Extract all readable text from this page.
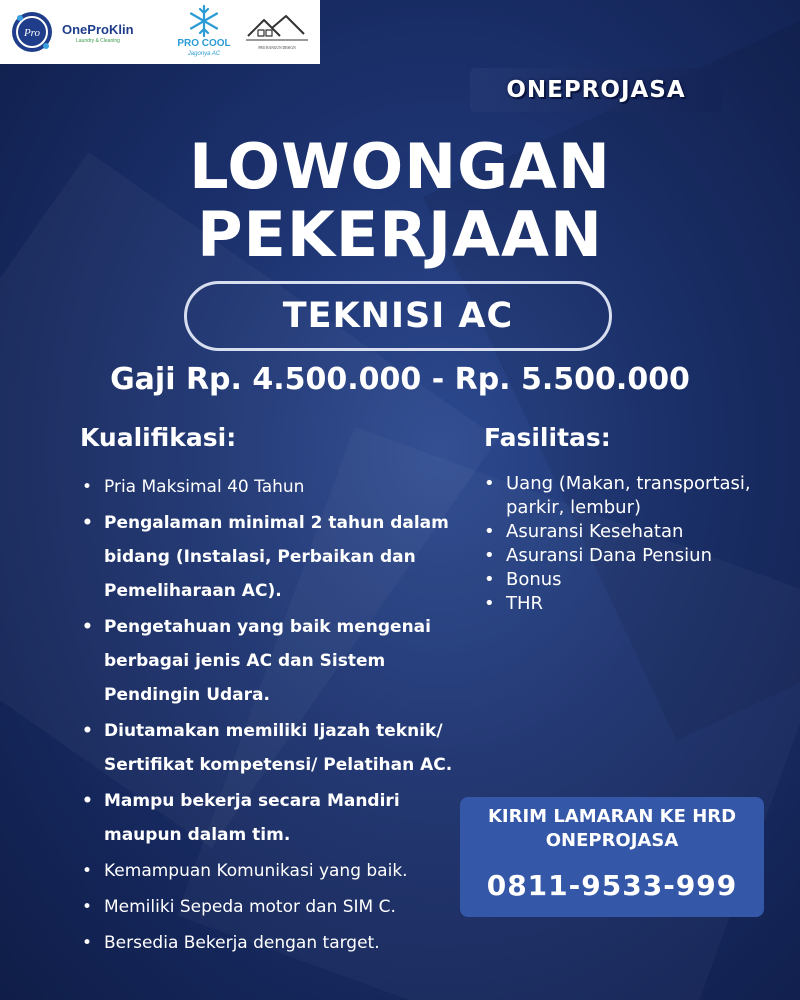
Pro OneProKlin
Laundry & Cleaning	PRO COOL
Jagonya AC
PRO RANGUN DESIGN
ONEPROJASA
LOWONGAN
PEKERJAAN
TEKNISI AC
Gaji Rp. 4.500.000 - Rp. 5.500.000
Kualifikasi:
• Pria Maksimal 40 Tahun
• Pengalaman minimal 2 tahun dalam bidang (Instalasi, Perbaikan dan Pemeliharaan AC).
• Pengetahuan yang baik mengenai berbagai jenis AC dan Sistem Pendingin Udara.
• Diutamakan memiliki Ijazah teknik/ Sertifikat kompetensi/ Pelatihan AC.
• Mampu bekerja secara Mandiri maupun dalam tim.
• Kemampuan Komunikasi yang baik.
• Memiliki Sepeda motor dan SIM C.
• Bersedia Bekerja dengan target.
Fasilitas:
• Uang (Makan, transportasi, parkir, lembur)
• Asuransi Kesehatan
• Asuransi Dana Pensiun
• Bonus
• THR
KIRIM LAMARAN KE HRD
ONEPROJASA
0811-9533-999
